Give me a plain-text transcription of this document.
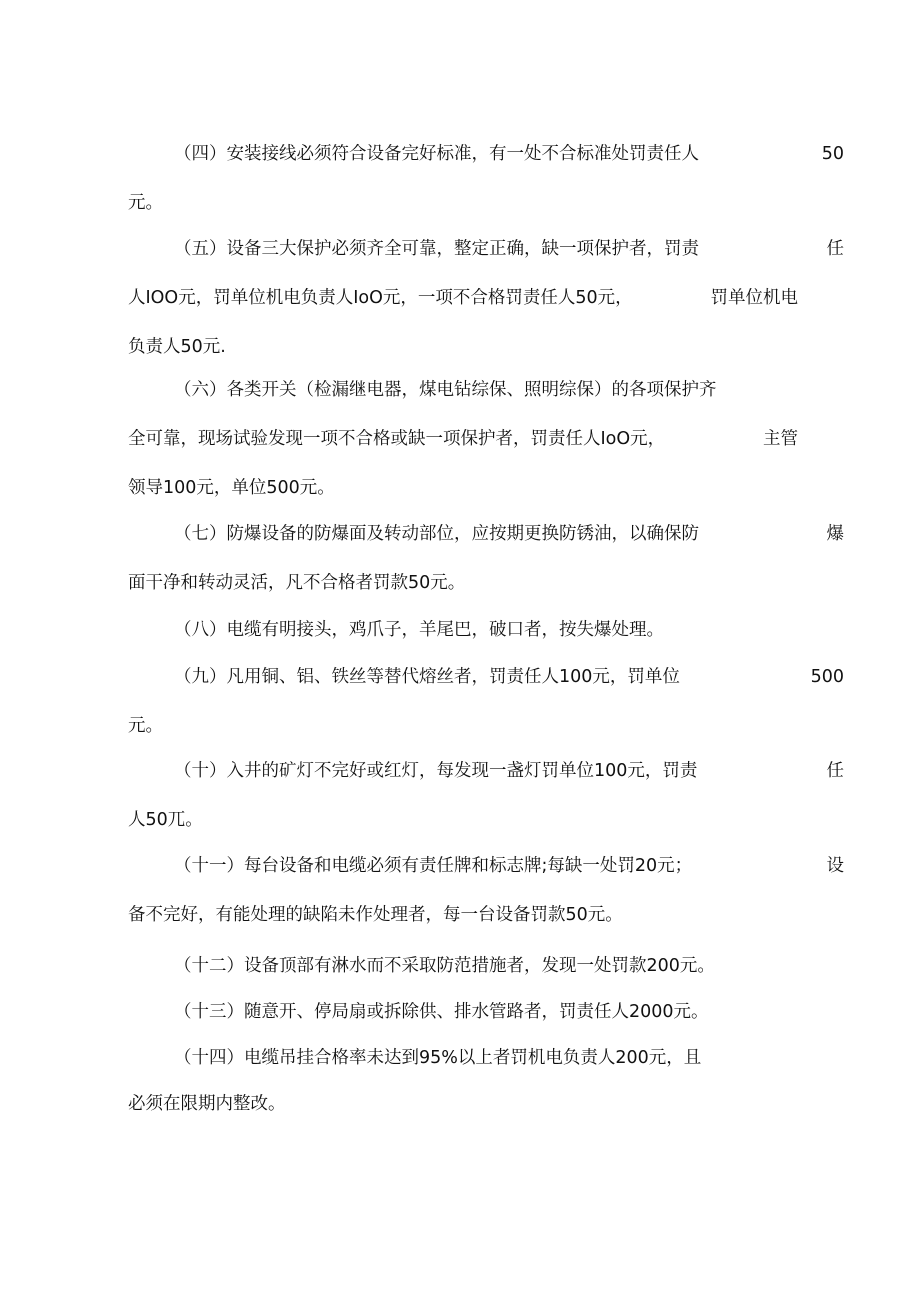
（四）安装接线必须符合设备完好标准，有一处不合标准处罚责任人	50
元。
（五）设备三大保护必须齐全可靠，整定正确，缺一项保护者，罚责	任
人IOO元，罚单位机电负责人IoO元，一项不合格罚责任人50元，	罚单位机电
负责人50元.
（六）各类开关（检漏继电器，煤电钻综保、照明综保）的各项保护齐
全可靠，现场试验发现一项不合格或缺一项保护者，罚责任人IoO元，	主管
领导100元，单位500元。
（七）防爆设备的防爆面及转动部位，应按期更换防锈油，以确保防	爆
面干净和转动灵活，凡不合格者罚款50元。
（八）电缆有明接头，鸡爪子，羊尾巴，破口者，按失爆处理。
（九）凡用铜、铝、铁丝等替代熔丝者，罚责任人100元，罚单位	500
元。
（十）入井的矿灯不完好或红灯，每发现一盏灯罚单位100元，罚责	任
人50兀。
（十一）每台设备和电缆必须有责任牌和标志牌;每缺一处罚20元；	设
备不完好，有能处理的缺陷未作处理者，每一台设备罚款50元。
（十二）设备顶部有淋水而不采取防范措施者，发现一处罚款200元。
（十三）随意开、停局扇或拆除供、排水管路者，罚责任人2000元。
（十四）电缆吊挂合格率未达到95%以上者罚机电负责人200元，且
必须在限期内整改。
